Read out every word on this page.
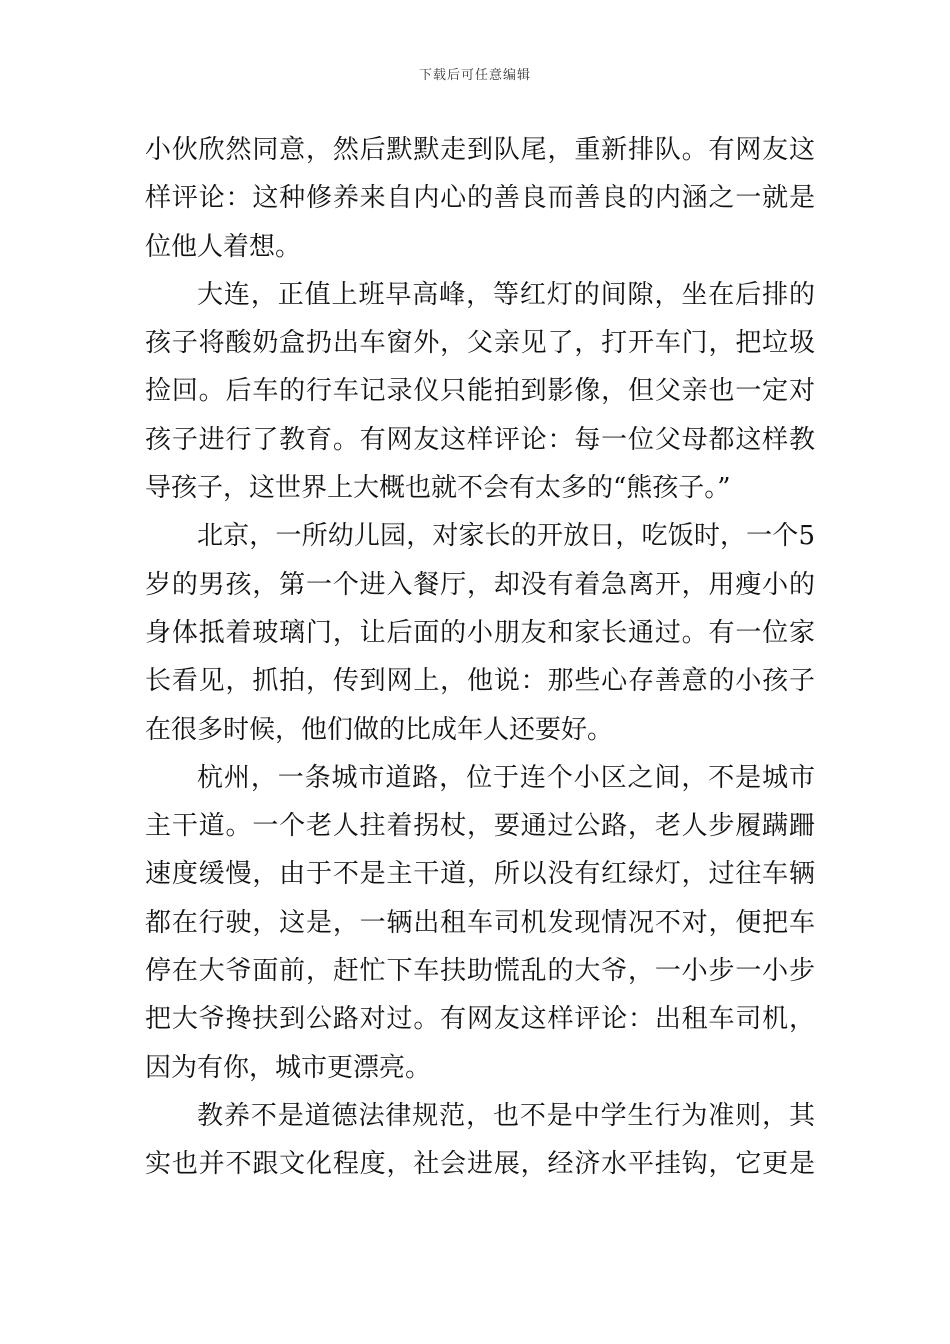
下载后可任意编辑
小伙欣然同意，然后默默走到队尾，重新排队。有网友这
样评论：这种修养来自内心的善良而善良的内涵之一就是
位他人着想。
大连，正值上班早高峰，等红灯的间隙，坐在后排的
孩子将酸奶盒扔出车窗外，父亲见了，打开车门，把垃圾
捡回。后车的行车记录仪只能拍到影像，但父亲也一定对
孩子进行了教育。有网友这样评论：每一位父母都这样教
导孩子，这世界上大概也就不会有太多的“熊孩子。”
北京，一所幼儿园，对家长的开放日，吃饭时，一个5
岁的男孩，第一个进入餐厅，却没有着急离开，用瘦小的
身体抵着玻璃门，让后面的小朋友和家长通过。有一位家
长看见，抓拍，传到网上，他说：那些心存善意的小孩子
在很多时候，他们做的比成年人还要好。
杭州，一条城市道路，位于连个小区之间，不是城市
主干道。一个老人拄着拐杖，要通过公路，老人步履蹒跚
速度缓慢，由于不是主干道，所以没有红绿灯，过往车辆
都在行驶，这是，一辆出租车司机发现情况不对，便把车
停在大爷面前，赶忙下车扶助慌乱的大爷，一小步一小步
把大爷搀扶到公路对过。有网友这样评论：出租车司机，
因为有你，城市更漂亮。
教养不是道德法律规范，也不是中学生行为准则，其
实也并不跟文化程度，社会进展，经济水平挂钩，它更是
